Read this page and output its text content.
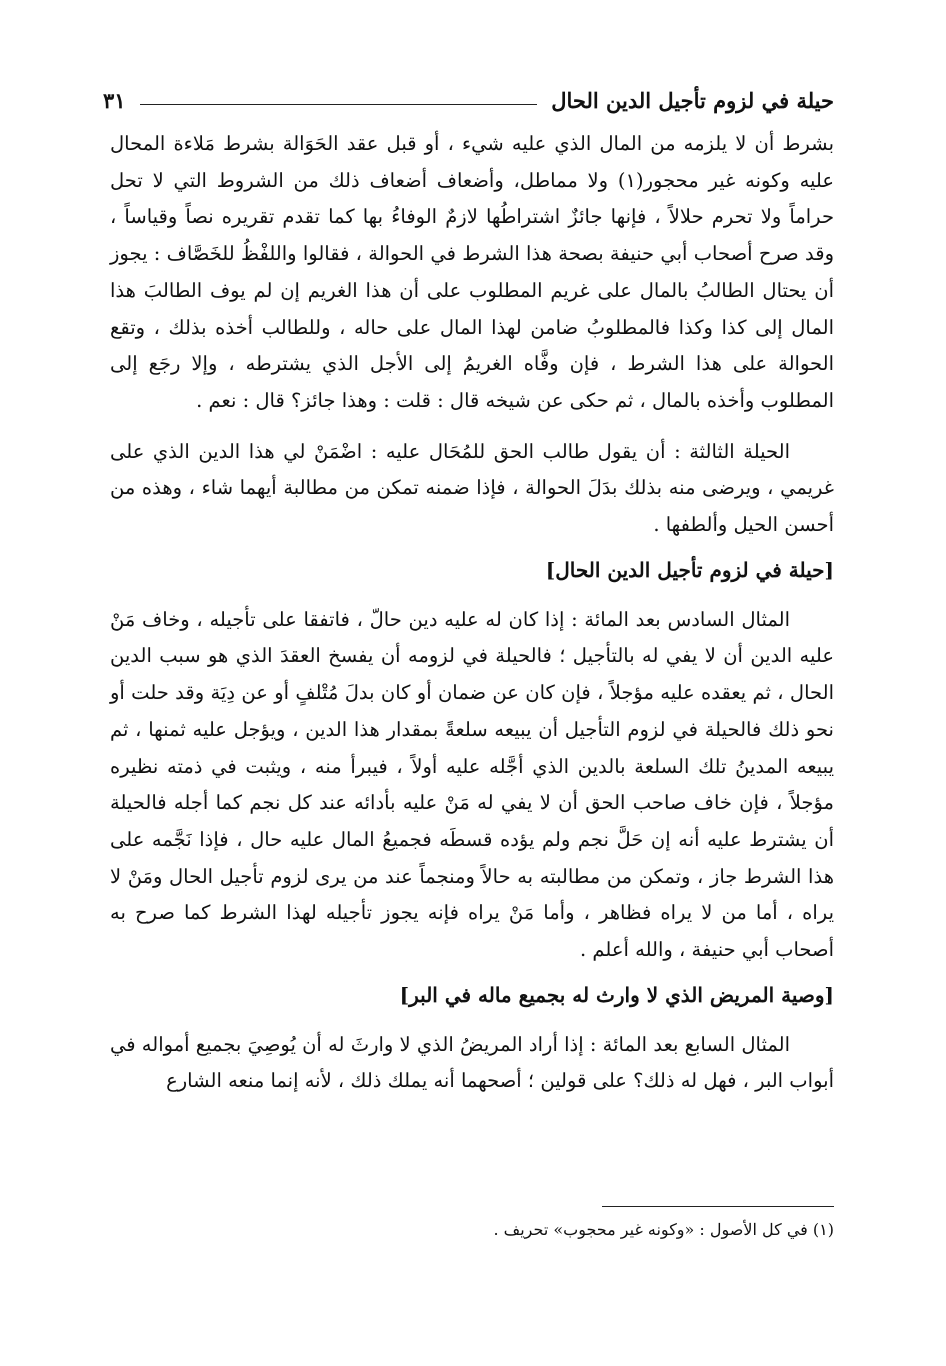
حيلة في لزوم تأجيل الدين الحال
٣١

بشرط أن لا يلزمه من المال الذي عليه شيء ، أو قبل عقد الحَوَالة بشرط مَلاءة المحال عليه وكونه غير محجور(١) ولا مماطل، وأضعاف أضعاف ذلك من الشروط التي لا تحل حراماً ولا تحرم حلالاً ، فإنها جائزٌ اشتراطُها لازمٌ الوفاءُ بها كما تقدم تقريره نصاً وقياساً ، وقد صرح أصحاب أبي حنيفة بصحة هذا الشرط في الحوالة ، فقالوا واللفْظُ للخَصَّاف : يجوز أن يحتال الطالبُ بالمال على غريم المطلوب على أن هذا الغريم إن لم يوف الطالبَ هذا المال إلى كذا وكذا فالمطلوبُ ضامن لهذا المال على حاله ، وللطالب أخذه بذلك ، وتقع الحوالة على هذا الشرط ، فإن وفَّاه الغريمُ إلى الأجل الذي يشترطه ، وإلا رجَع إلى المطلوب وأخذه بالمال ، ثم حكى عن شيخه قال : قلت : وهذا جائز؟ قال : نعم .

الحيلة الثالثة : أن يقول طالب الحق للمُحَال عليه : اضْمَنْ لي هذا الدين الذي على غريمي ، ويرضى منه بذلك بدَلَ الحوالة ، فإذا ضمنه تمكن من مطالبة أيهما شاء ، وهذه من أحسن الحيل وألطفها .

[حيلة في لزوم تأجيل الدين الحال]

المثال السادس بعد المائة : إذا كان له عليه دين حالّ ، فاتفقا على تأجيله ، وخاف مَنْ عليه الدين أن لا يفي له بالتأجيل ؛ فالحيلة في لزومه أن يفسخ العقدَ الذي هو سبب الدين الحال ، ثم يعقده عليه مؤجلاً ، فإن كان عن ضمان أو كان بدلَ مُتْلفٍ أو عن دِيَة وقد حلت أو نحو ذلك فالحيلة في لزوم التأجيل أن يبيعه سلعةً بمقدار هذا الدين ، ويؤجل عليه ثمنها ، ثم يبيعه المدينُ تلك السلعة بالدين الذي أجَّله عليه أولاً ، فيبرأ منه ، ويثبت في ذمته نظيره مؤجلاً ، فإن خاف صاحب الحق أن لا يفي له مَنْ عليه بأدائه عند كل نجم كما أجله فالحيلة أن يشترط عليه أنه إن حَلَّ نجم ولم يؤده قسطَه فجميعُ المال عليه حال ، فإذا نَجَّمه على هذا الشرط جاز ، وتمكن من مطالبته به حالاً ومنجماً عند من يرى لزوم تأجيل الحال ومَنْ لا يراه ، أما من لا يراه فظاهر ، وأما مَنْ يراه فإنه يجوز تأجيله لهذا الشرط كما صرح به أصحاب أبي حنيفة ، والله أعلم .

[وصية المريض الذي لا وارث له بجميع ماله في البر]

المثال السابع بعد المائة : إذا أراد المريضُ الذي لا وارثَ له أن يُوصِيَ بجميع أمواله في أبواب البر ، فهل له ذلك؟ على قولين ؛ أصحهما أنه يملك ذلك ، لأنه إنما منعه الشارع

(١) في كل الأصول : «وكونه غير محجوب» تحريف .
